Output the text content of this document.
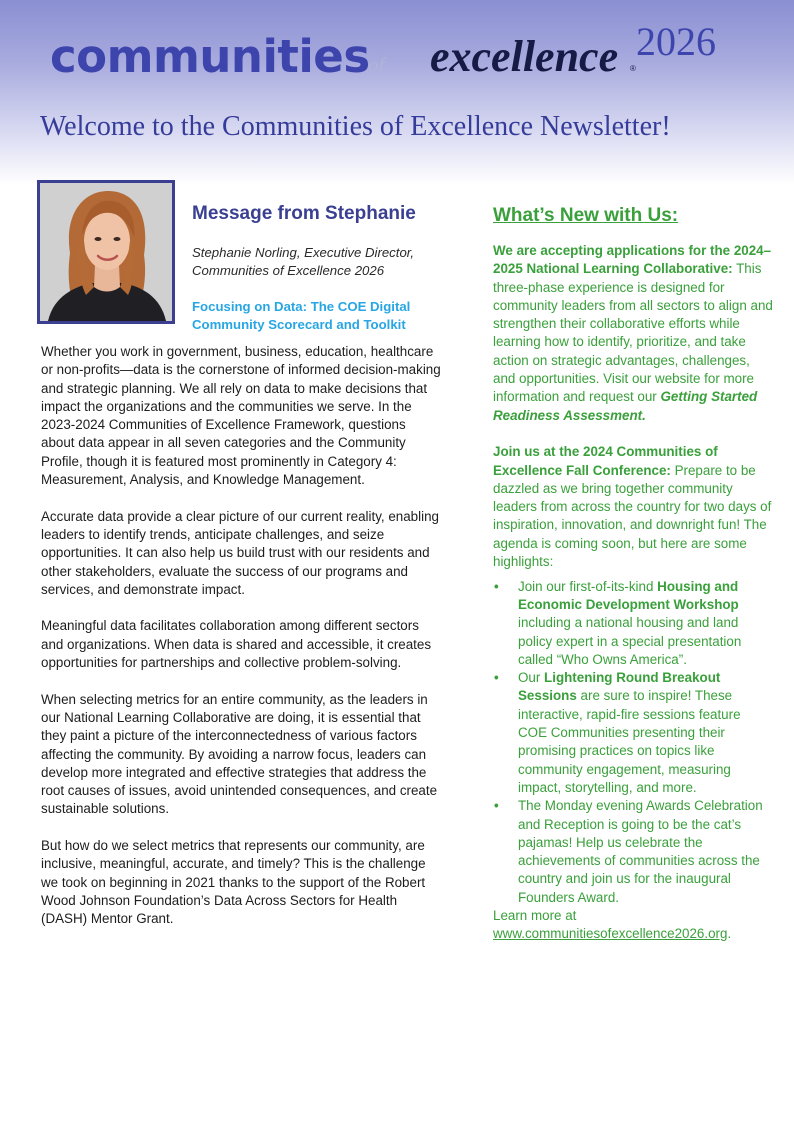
communities
of excellence ®
2026
Welcome to the Communities of Excellence Newsletter!
Message from Stephanie
Stephanie Norling, Executive Director,
Communities of Excellence 2026
Focusing on Data: The COE Digital Community Scorecard and Toolkit

Whether you work in government, business, education, healthcare or non-profits—data is the cornerstone of informed decision-making and strategic planning. We all rely on data to make decisions that impact the organizations and the communities we serve. In the 2023-2024 Communities of Excellence Framework, questions about data appear in all seven categories and the Community Profile, though it is featured most prominently in Category 4: Measurement, Analysis, and Knowledge Management.

Accurate data provide a clear picture of our current reality, enabling leaders to identify trends, anticipate challenges, and seize opportunities. It can also help us build trust with our residents and other stakeholders, evaluate the success of our programs and services, and demonstrate impact.

Meaningful data facilitates collaboration among different sectors and organizations. When data is shared and accessible, it creates opportunities for partnerships and collective problem-solving.

When selecting metrics for an entire community, as the leaders in our National Learning Collaborative are doing, it is essential that they paint a picture of the interconnectedness of various factors affecting the community. By avoiding a narrow focus, leaders can develop more integrated and effective strategies that address the root causes of issues, avoid unintended consequences, and create sustainable solutions.

But how do we select metrics that represents our community, are inclusive, meaningful, accurate, and timely? This is the challenge we took on beginning in 2021 thanks to the support of the Robert Wood Johnson Foundation’s Data Across Sectors for Health (DASH) Mentor Grant.

What’s New with Us:

We are accepting applications for the 2024–2025 National Learning Collaborative: This three-phase experience is designed for community leaders from all sectors to align and strengthen their collaborative efforts while learning how to identify, prioritize, and take action on strategic advantages, challenges, and opportunities. Visit our website for more information and request our Getting Started Readiness Assessment.

Join us at the 2024 Communities of Excellence Fall Conference: Prepare to be dazzled as we bring together community leaders from across the country for two days of inspiration, innovation, and downright fun! The agenda is coming soon, but here are some highlights:

• Join our first-of-its-kind Housing and Economic Development Workshop including a national housing and land policy expert in a special presentation called “Who Owns America”.
• Our Lightening Round Breakout Sessions are sure to inspire! These interactive, rapid-fire sessions feature COE Communities presenting their promising practices on topics like community engagement, measuring impact, storytelling, and more.
• The Monday evening Awards Celebration and Reception is going to be the cat’s pajamas! Help us celebrate the achievements of communities across the country and join us for the inaugural Founders Award.
Learn more at
www.communitiesofexcellence2026.org.
